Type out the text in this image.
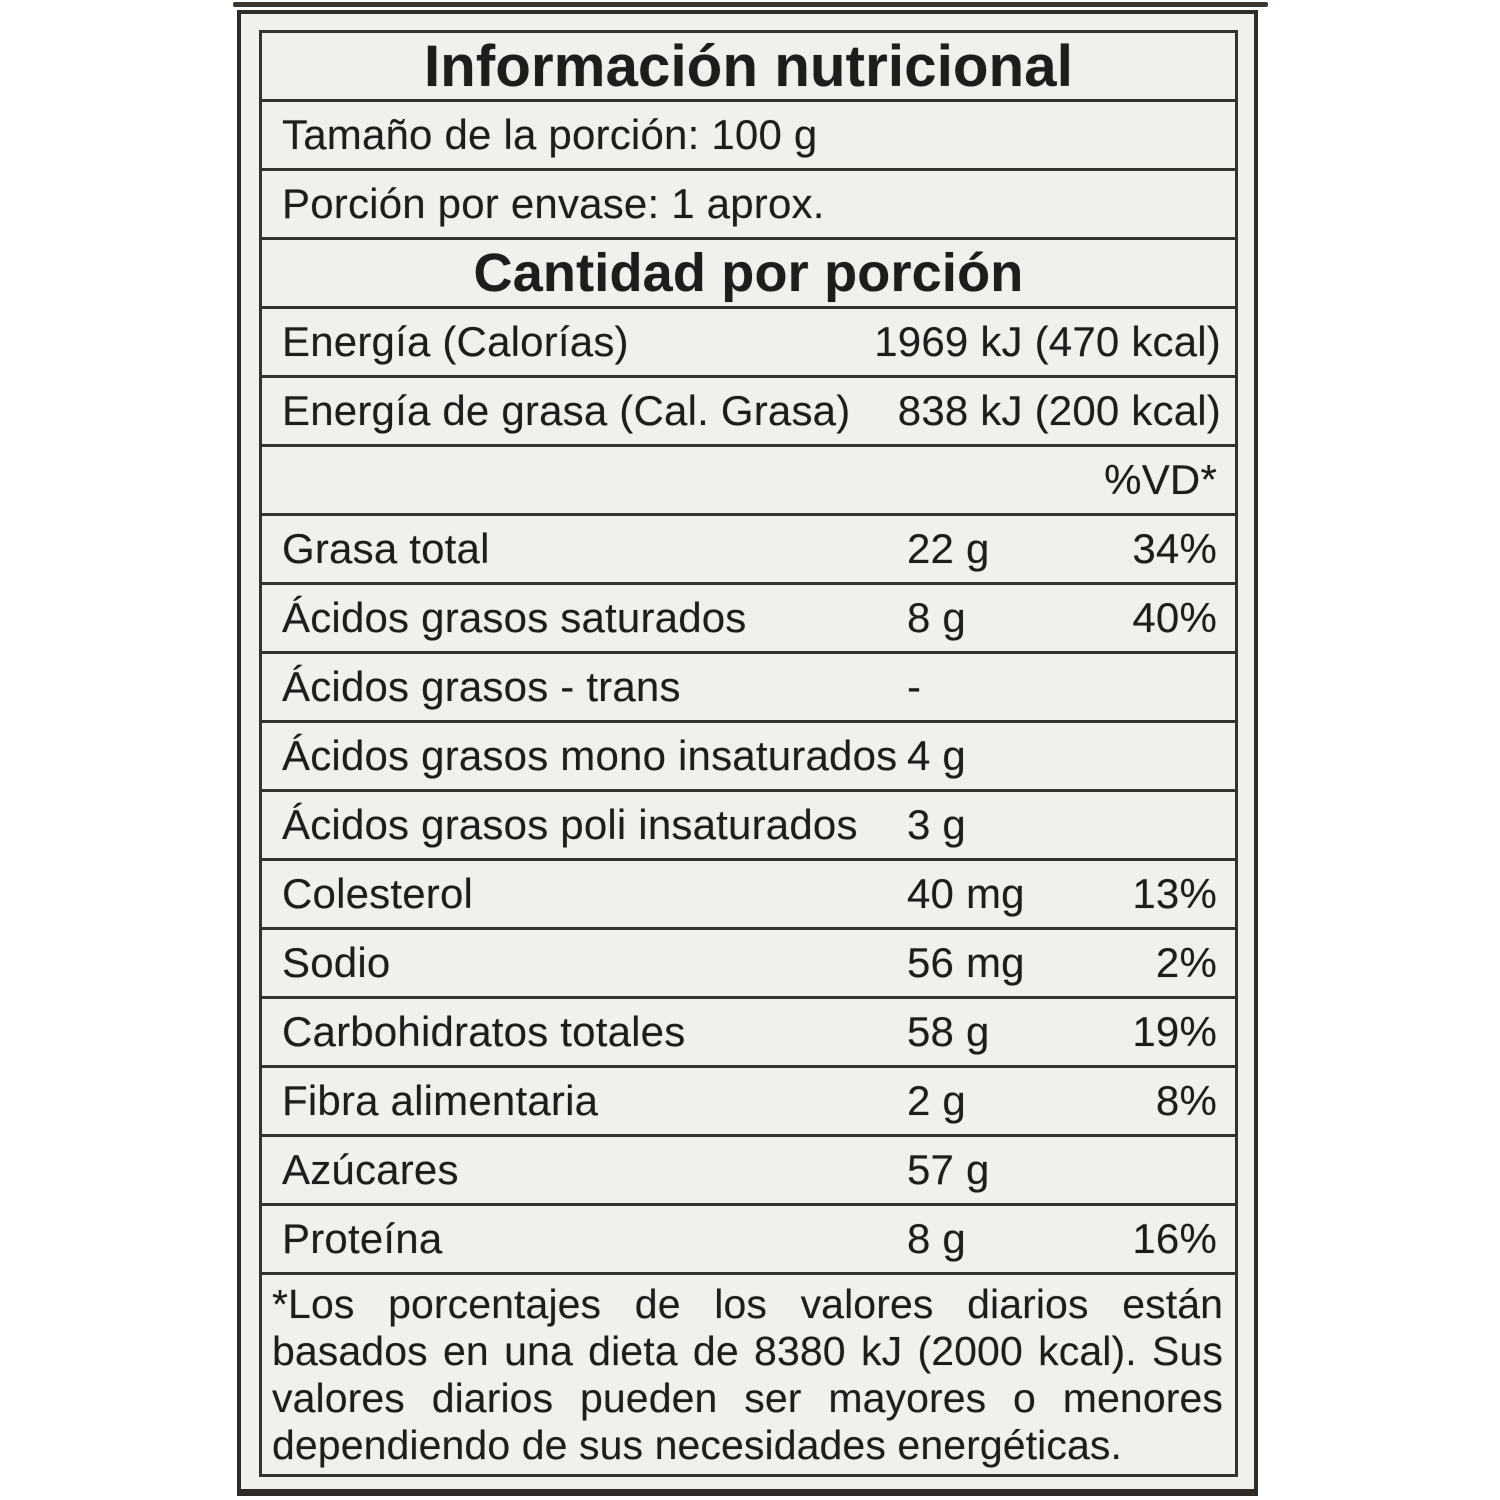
Información nutricional
Tamaño de la porción: 100 g
Porción por envase: 1 aprox.
Cantidad por porción
Energía (Calorías)	1969 kJ (470 kcal)
Energía de grasa (Cal. Grasa)	838 kJ (200 kcal)
%VD*
Grasa total	22 g	34%
Ácidos grasos saturados	8 g	40%
Ácidos grasos - trans	-
Ácidos grasos mono insaturados 4 g
Ácidos grasos poli insaturados	3 g
Colesterol	40 mg	13%
Sodio	56 mg	2%
Carbohidratos totales	58 g	19%
Fibra alimentaria	2 g	8%
Azúcares	57 g
Proteína	8 g	16%
*Los porcentajes de los valores diarios están
basados en una dieta de 8380 kJ (2000 kcal). Sus
valores diarios pueden ser mayores o menores
dependiendo de sus necesidades energéticas.
